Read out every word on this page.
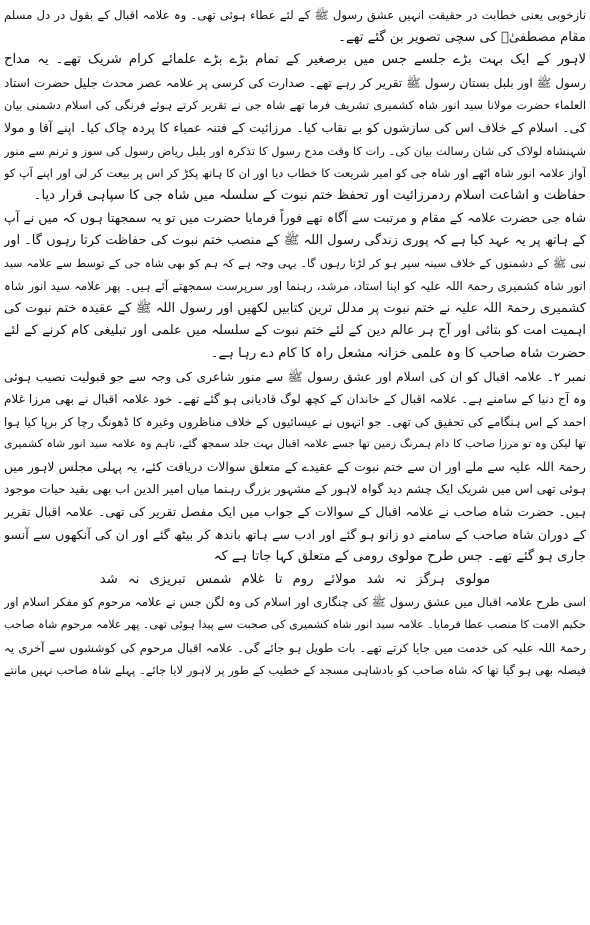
نازخوبی یعنی خطابت در حقیقت انہیں عشق رسول ﷺ کے لئے عطاء ہوئی تھی۔ وہ علامہ اقبال کے بقول در دل مسلم
مقام مصطفیٰؐ کی سچی تصویر بن گئے تھے۔
لاہور کے ایک بہت بڑے جلسے جس میں برصغیر کے تمام بڑے بڑے علمائے کرام شریک تھے۔ یہ مداح
رسول ﷺ اور بلبل بستان رسول ﷺ تقریر کر رہے تھے۔ صدارت کی کرسی پر علامہ عصر محدث جلیل حضرت استاد
العلماء حضرت مولانا سید انور شاہ کشمیری تشریف فرما تھے شاہ جی نے تقریر کرتے ہوئے فرنگی کی اسلام دشمنی بیان
کی۔ اسلام کے خلاف اس کی سازشوں کو بے نقاب کیا۔ مرزائیت کے فتنہ عمیاء کا پردہ چاک کیا۔ اپنے آقا و مولا
شہنشاہ لولاک کی شان رسالت بیان کی۔ رات کا وقت مدح رسول کا تذکرہ اور بلبل ریاض رسول کی سوز و ترنم سے منور
آواز علامہ انور شاہ اٹھے اور شاہ جی کو امیر شریعت کا خطاب دیا اور ان کا ہاتھ پکڑ کر اس پر بیعت کر لی اور اپنے آپ کو
حفاظت و اشاعت اسلام ردمرزائیت اور تحفظ ختم نبوت کے سلسلہ میں شاہ جی کا سپاہی قرار دیا۔
شاہ جی حضرت علامہ کے مقام و مرتبت سے آگاہ تھے فوراً فرمایا حضرت میں تو یہ سمجھتا ہوں کہ میں نے آپ
کے ہاتھ پر یہ عہد کیا ہے کہ پوری زندگی رسول اللہ ﷺ کے منصب ختم نبوت کی حفاظت کرتا رہوں گا۔ اور
نبی ﷺ کے دشمنوں کے خلاف سینہ سپر ہو کر لڑتا رہوں گا۔ یہی وجہ ہے کہ ہم کو بھی شاہ جی کے توسط سے علامہ سید
انور شاہ کشمیری رحمۃ اللہ علیہ کو اپنا استاد، مرشد، رہنما اور سرپرست سمجھتے آئے ہیں۔ پھر علامہ سید انور شاہ
کشمیری رحمۃ اللہ علیہ نے ختم نبوت پر مدلل ترین کتابیں لکھیں اور رسول اللہ ﷺ کے عقیدہ ختم نبوت کی
اہمیت امت کو بتائی اور آج ہر عالم دین کے لئے ختم نبوت کے سلسلہ میں علمی اور تبلیغی کام کرنے کے لئے
حضرت شاہ صاحب کا وہ علمی خزانہ مشعل راہ کا کام دے رہا ہے۔
نمبر ۲۔ علامہ اقبال کو ان کی اسلام اور عشق رسول ﷺ سے منور شاعری کی وجہ سے جو قبولیت نصیب ہوئی
وہ آج دنیا کے سامنے ہے۔ علامہ اقبال کے خاندان کے کچھ لوگ قادیانی ہو گئے تھے۔ خود علامہ اقبال نے بھی مرزا غلام
احمد کے اس ہنگامے کی تحقیق کی تھی۔ جو انہوں نے عیسائیوں کے خلاف مناظروں وغیرہ کا ڈھونگ رچا کر برپا کیا ہوا
تھا لیکن وہ تو مرزا صاحب کا دام ہمرنگ زمین تھا جسے علامہ اقبال بہت جلد سمجھ گئے، تاہم وہ علامہ سید انور شاہ کشمیری
رحمۃ اللہ علیہ سے ملے اور ان سے ختم نبوت کے عقیدے کے متعلق سوالات دریافت کئے، یہ پہلی مجلس لاہور میں
ہوئی تھی اس میں شریک ایک چشم دید گواہ لاہور کے مشہور بزرگ رہنما میاں امیر الدین اب بھی بقید حیات موجود
ہیں۔ حضرت شاہ صاحب نے علامہ اقبال کے سوالات کے جواب میں ایک مفصل تقریر کی تھی۔ علامہ اقبال تقریر
کے دوران شاہ صاحب کے سامنے دو زانو ہو گئے اور ادب سے ہاتھ باندھ کر بیٹھ گئے اور ان کی آنکھوں سے آنسو
جاری ہو گئے تھے۔ جس طرح مولوی رومی کے متعلق کہا جاتا ہے کہ
مولوی ہرگز نہ شد مولائے روم تا غلام شمس تبریزی نہ شد
اسی طرح علامہ اقبال میں عشق رسول ﷺ کی چنگاری اور اسلام کی وہ لگن جس نے علامہ مرحوم کو مفکر اسلام اور
حکیم الامت کا منصب عطا فرمایا۔ علامہ سید انور شاہ کشمیری کی صحبت سے پیدا ہوئی تھی۔ پھر علامہ مرحوم شاہ صاحب
رحمۃ اللہ علیہ کی خدمت میں جایا کرتے تھے۔ بات طویل ہو جائے گی۔ علامہ اقبال مرحوم کی کوششوں سے آخری یہ
فیصلہ بھی ہو گیا تھا کہ شاہ صاحب کو بادشاہی مسجد کے خطیب کے طور پر لاہور لایا جائے۔ پہلے شاہ صاحب نہیں مانتے
